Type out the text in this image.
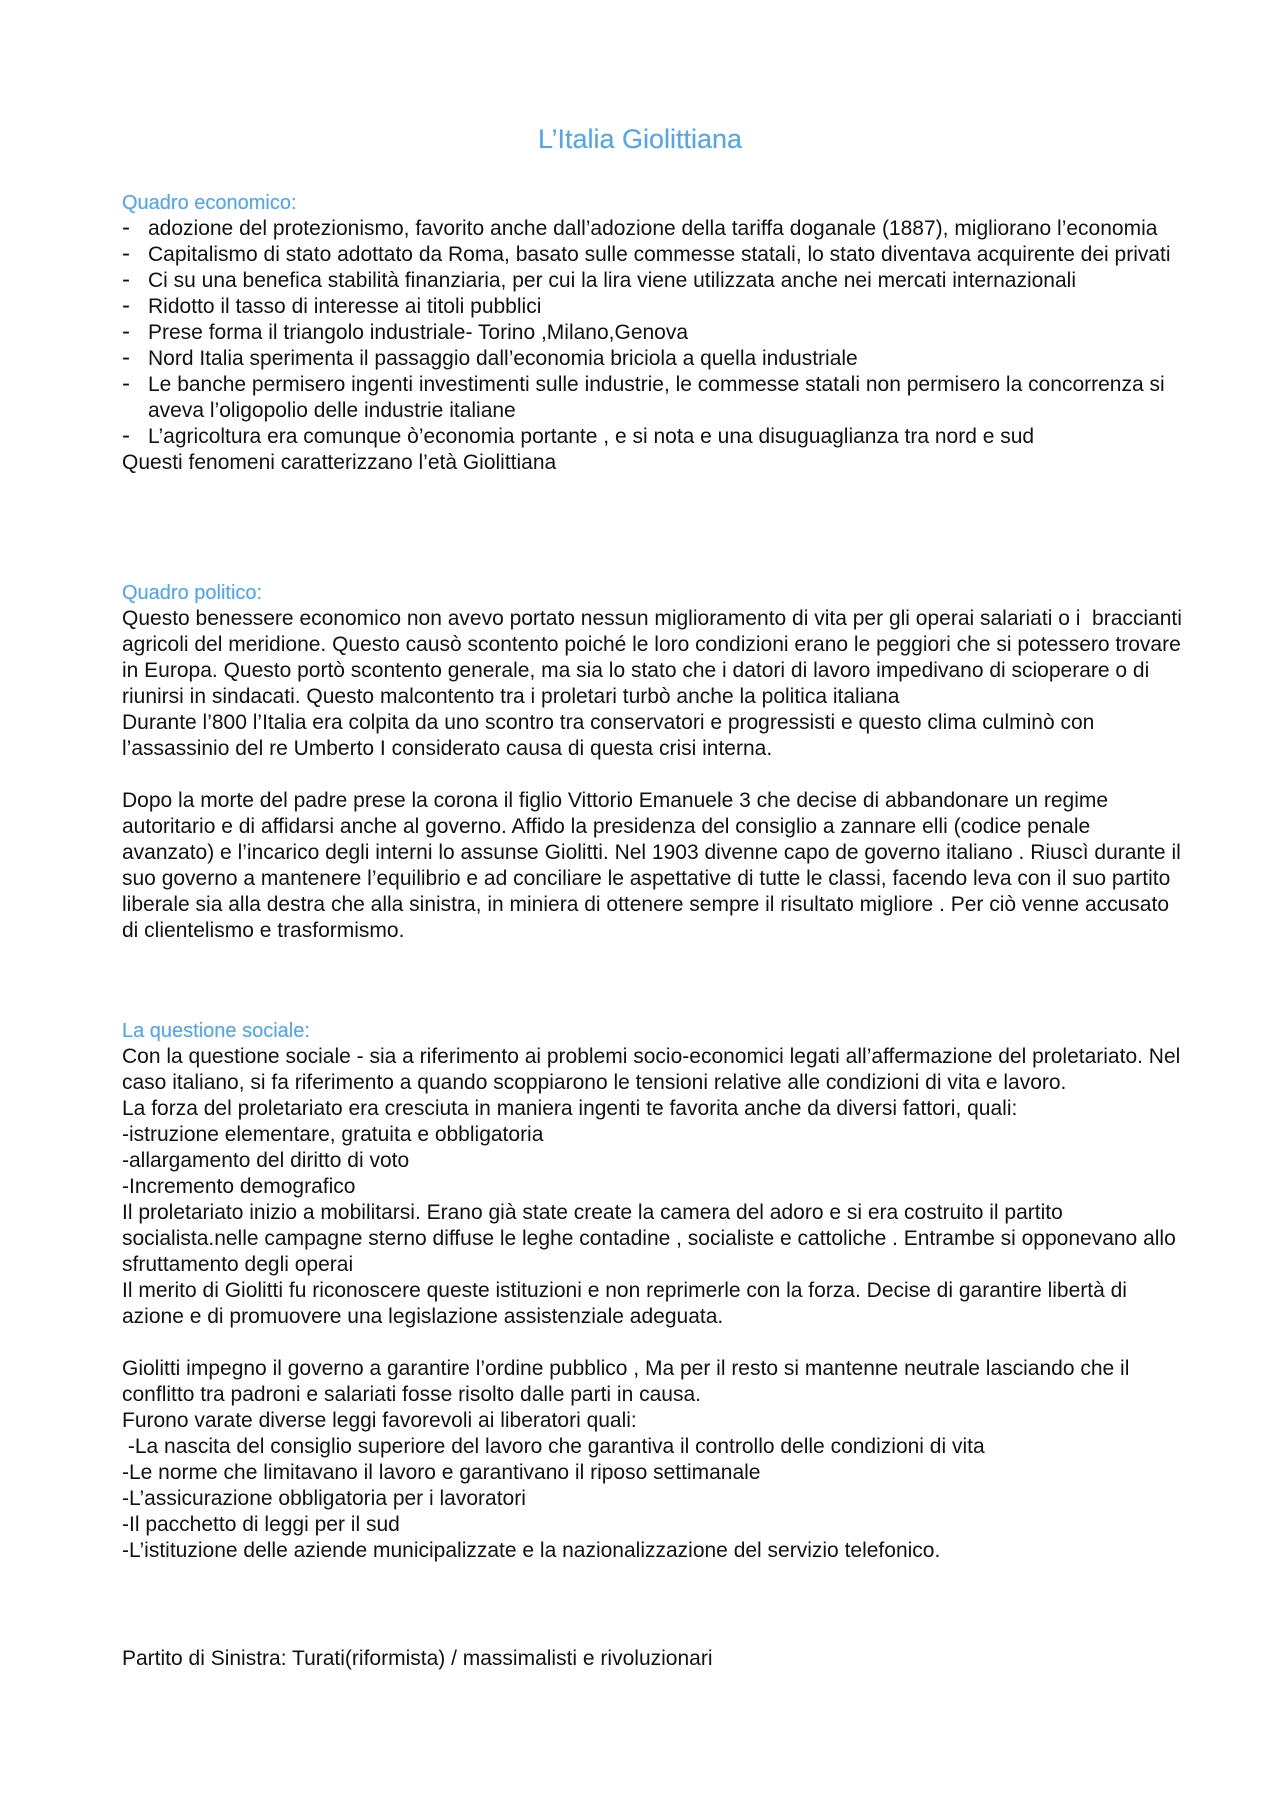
L’Italia Giolittiana
Quadro economico:
- adozione del protezionismo, favorito anche dall’adozione della tariffa doganale (1887), migliorano l’economia
- Capitalismo di stato adottato da Roma, basato sulle commesse statali, lo stato diventava acquirente dei privati
- Ci su una benefica stabilità finanziaria, per cui la lira viene utilizzata anche nei mercati internazionali
- Ridotto il tasso di interesse ai titoli pubblici
- Prese forma il triangolo industriale- Torino ,Milano,Genova
- Nord Italia sperimenta il passaggio dall’economia briciola a quella industriale
- Le banche permisero ingenti investimenti sulle industrie, le commesse statali non permisero la concorrenza si aveva l’oligopolio delle industrie italiane
- L’agricoltura era comunque ò’economia portante , e si nota e una disuguaglianza tra nord e sud
Questi fenomeni caratterizzano l’età Giolittiana
Quadro politico:
Questo benessere economico non avevo portato nessun miglioramento di vita per gli operai salariati o i  braccianti agricoli del meridione. Questo causò scontento poiché le loro condizioni erano le peggiori che si potessero trovare in Europa. Questo portò scontento generale, ma sia lo stato che i datori di lavoro impedivano di scioperare o di riunirsi in sindacati. Questo malcontento tra i proletari turbò anche la politica italiana
Durante l’800 l’Italia era colpita da uno scontro tra conservatori e progressisti e questo clima culminò con l’assassinio del re Umberto I considerato causa di questa crisi interna.
Dopo la morte del padre prese la corona il figlio Vittorio Emanuele 3 che decise di abbandonare un regime autoritario e di affidarsi anche al governo. Affido la presidenza del consiglio a zannare elli (codice penale avanzato) e l’incarico degli interni lo assunse Giolitti. Nel 1903 divenne capo de governo italiano . Riuscì durante il suo governo a mantenere l’equilibrio e ad conciliare le aspettative di tutte le classi, facendo leva con il suo partito liberale sia alla destra che alla sinistra, in miniera di ottenere sempre il risultato migliore . Per ciò venne accusato di clientelismo e trasformismo.
La questione sociale:
Con la questione sociale - sia a riferimento ai problemi socio-economici legati all’affermazione del proletariato. Nel caso italiano, si fa riferimento a quando scoppiarono le tensioni relative alle condizioni di vita e lavoro.
La forza del proletariato era cresciuta in maniera ingenti te favorita anche da diversi fattori, quali:
-istruzione elementare, gratuita e obbligatoria
-allargamento del diritto di voto
-Incremento demografico
Il proletariato inizio a mobilitarsi. Erano già state create la camera del adoro e si era costruito il partito socialista.nelle campagne sterno diffuse le leghe contadine , socialiste e cattoliche . Entrambe si opponevano allo sfruttamento degli operai
Il merito di Giolitti fu riconoscere queste istituzioni e non reprimerle con la forza. Decise di garantire libertà di azione e di promuovere una legislazione assistenziale adeguata.
Giolitti impegno il governo a garantire l’ordine pubblico , Ma per il resto si mantenne neutrale lasciando che il conflitto tra padroni e salariati fosse risolto dalle parti in causa.
Furono varate diverse leggi favorevoli ai liberatori quali:
-La nascita del consiglio superiore del lavoro che garantiva il controllo delle condizioni di vita
-Le norme che limitavano il lavoro e garantivano il riposo settimanale
-L’assicurazione obbligatoria per i lavoratori
-Il pacchetto di leggi per il sud
-L’istituzione delle aziende municipalizzate e la nazionalizzazione del servizio telefonico.
Partito di Sinistra: Turati(riformista) / massimalisti e rivoluzionari
